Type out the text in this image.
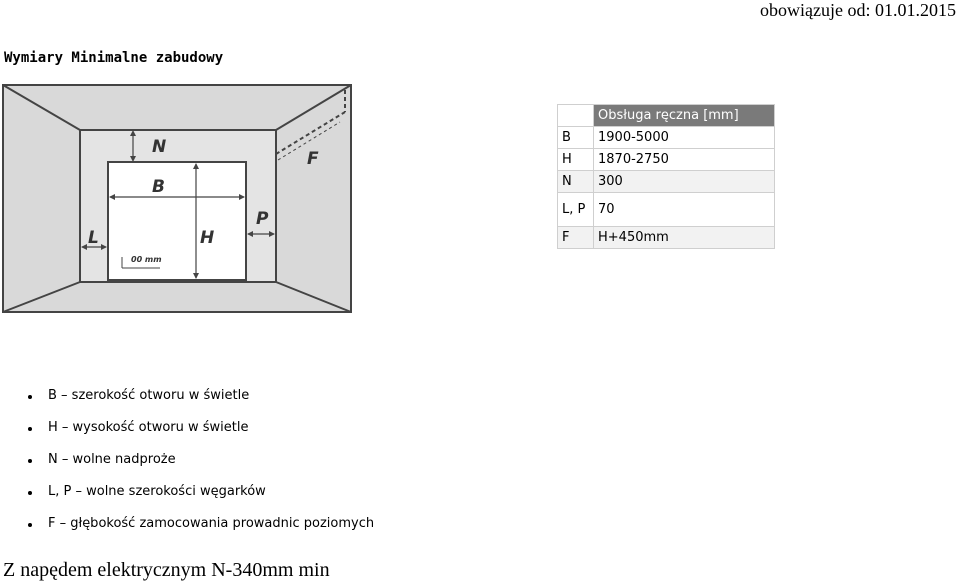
obowiązuje od: 01.01.2015
Wymiary Minimalne zabudowy
N
B
F
L	H
P
00 mm
	Obsługa ręczna [mm]
B	1900-5000
H	1870-2750
N	300
L, P	70
F	H+450mm
B – szerokość otworu w świetle
H – wysokość otworu w świetle
N – wolne nadproże
L, P – wolne szerokości węgarków
F – głębokość zamocowania prowadnic poziomych
Z napędem elektrycznym N-340mm min
